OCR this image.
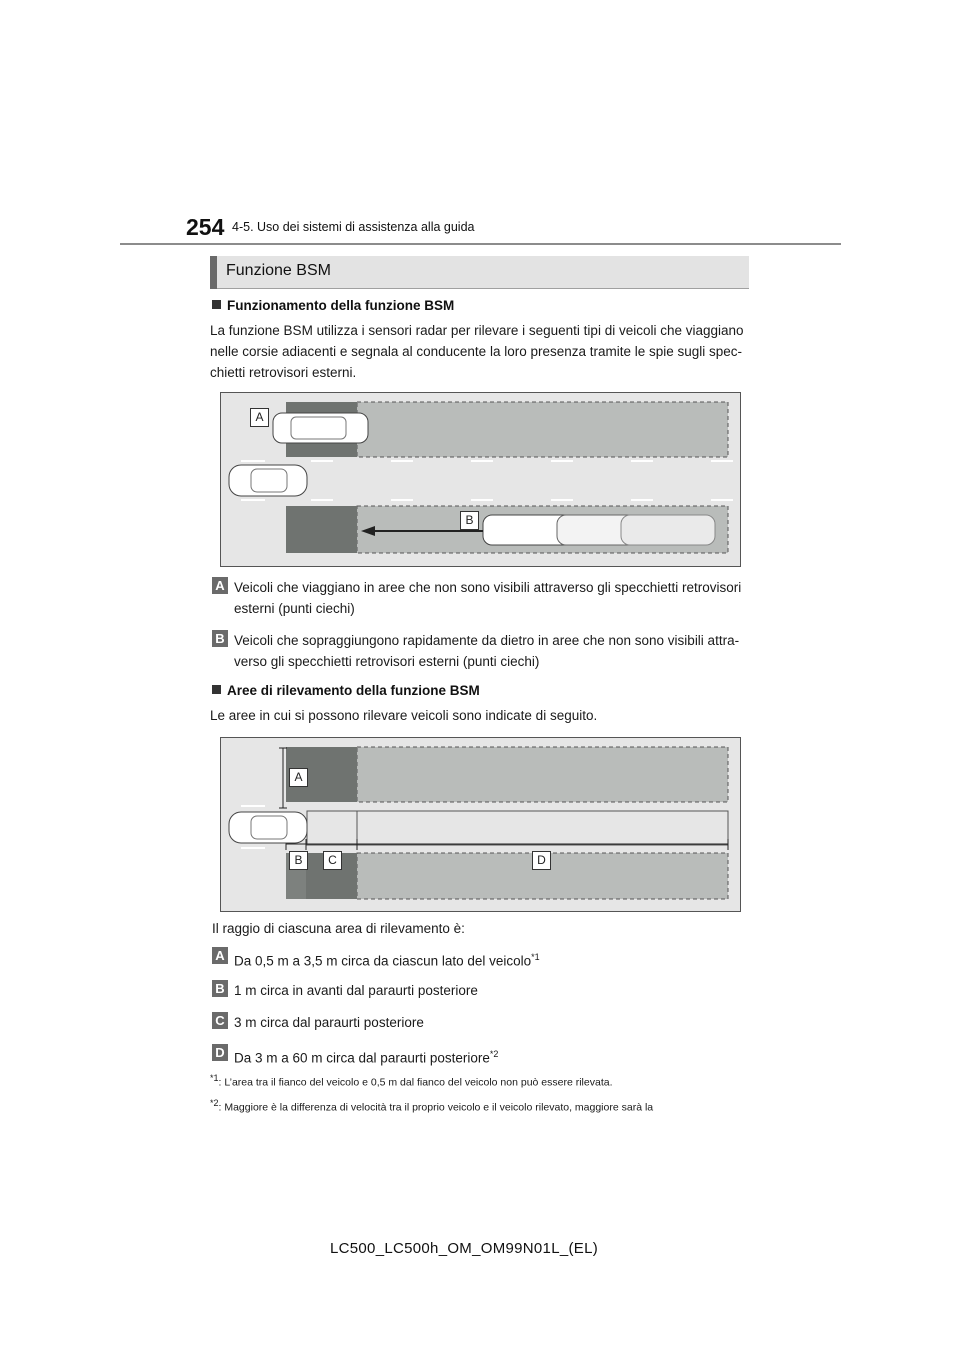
254 4-5. Uso dei sistemi di assistenza alla guida
Funzione BSM
Funzionamento della funzione BSM
La funzione BSM utilizza i sensori radar per rilevare i seguenti tipi di veicoli che viaggiano
nelle corsie adiacenti e segnala al conducente la loro presenza tramite le spie sugli spec-
chietti retrovisori esterni.
A
B
A Veicoli che viaggiano in aree che non sono visibili attraverso gli specchietti retrovisori
esterni (punti ciechi)
B Veicoli che sopraggiungono rapidamente da dietro in aree che non sono visibili attra-
verso gli specchietti retrovisori esterni (punti ciechi)
Aree di rilevamento della funzione BSM
Le aree in cui si possono rilevare veicoli sono indicate di seguito.
A
B	C	D
Il raggio di ciascuna area di rilevamento è:
A Da 0,5 m a 3,5 m circa da ciascun lato del veicolo$^{*1}$
B 1 m circa in avanti dal paraurti posteriore
C 3 m circa dal paraurti posteriore
D Da 3 m a 60 m circa dal paraurti posteriore$^{*2}$
$^{*1}$: L’area tra il fianco del veicolo e 0,5 m dal fianco del veicolo non può essere rilevata.
$^{*2}$: Maggiore è la differenza di velocità tra il proprio veicolo e il veicolo rilevato, maggiore sarà la
LC500_LC500h_OM_OM99N01L_(EL)
